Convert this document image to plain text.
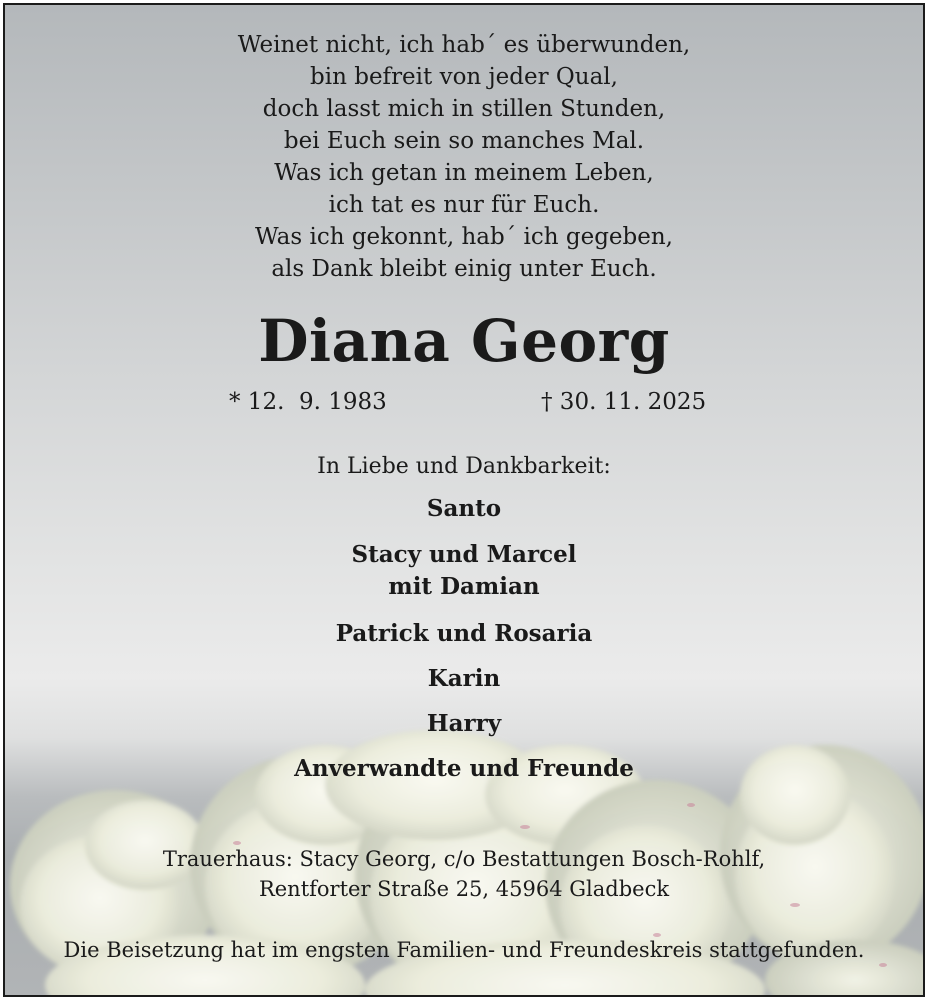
Weinet nicht, ich hab´ es überwunden,
bin befreit von jeder Qual,
doch lasst mich in stillen Stunden,
bei Euch sein so manches Mal.
Was ich getan in meinem Leben,
ich tat es nur für Euch.
Was ich gekonnt, hab´ ich gegeben,
als Dank bleibt einig unter Euch.
Diana Georg
* 12.  9. 1983	† 30. 11. 2025
In Liebe und Dankbarkeit:
Santo
Stacy und Marcel
mit Damian
Patrick und Rosaria
Karin
Harry
Anverwandte und Freunde
Trauerhaus: Stacy Georg, c/o Bestattungen Bosch-Rohlf,
Rentforter Straße 25, 45964 Gladbeck
Die Beisetzung hat im engsten Familien- und Freundeskreis stattgefunden.
